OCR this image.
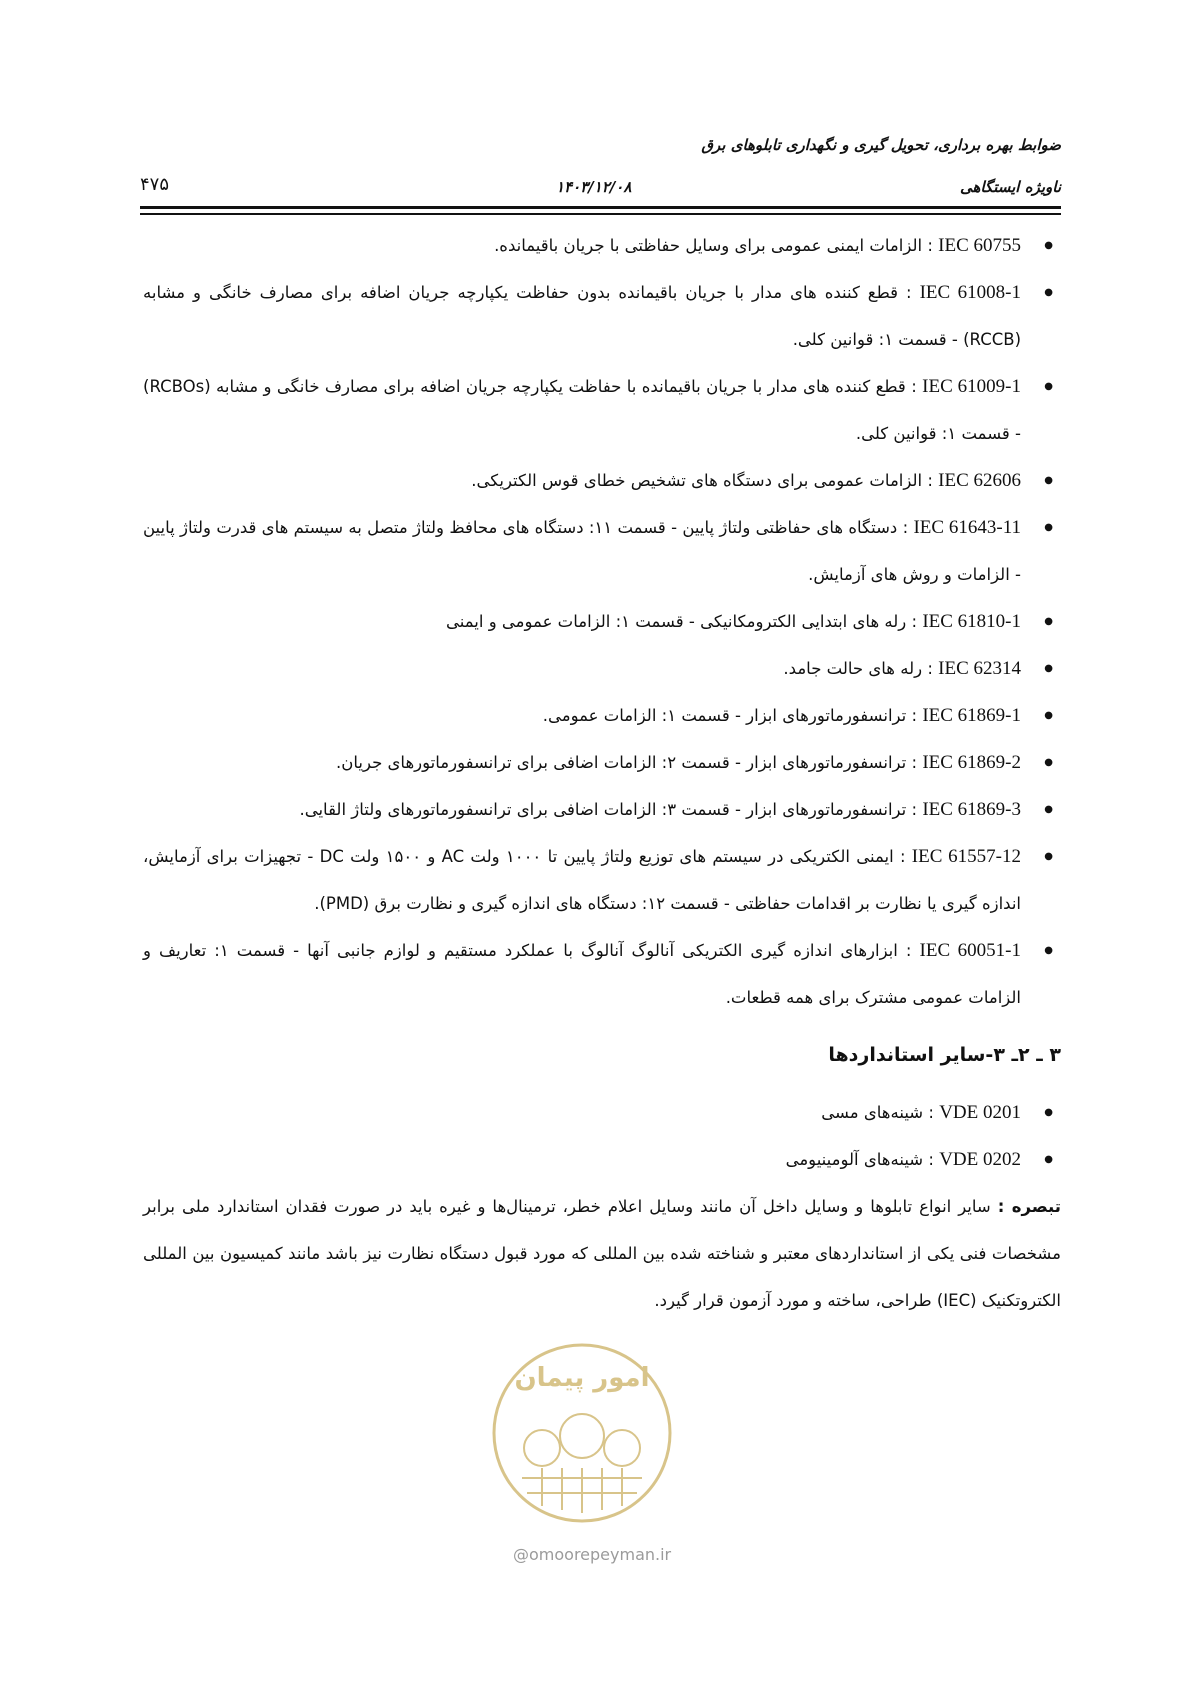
ضوابط بهره برداری، تحویل گیری و نگهداری تابلوهای برق
ناویژه ایستگاهی
۱۴۰۳/۱۲/۰۸
۴۷۵
● IEC 60755 : الزامات ایمنی عمومی برای وسایل حفاظتی با جریان باقیمانده.
● IEC 61008-1 : قطع کننده های مدار با جریان باقیمانده بدون حفاظت یکپارچه جریان اضافه برای مصارف خانگی و مشابه (RCCB) - قسمت ۱: قوانین کلی.
● IEC 61009-1 : قطع کننده های مدار با جریان باقیمانده با حفاظت یکپارچه جریان اضافه برای مصارف خانگی و مشابه (RCBOs) - قسمت ۱: قوانین کلی.
● IEC 62606 : الزامات عمومی برای دستگاه های تشخیص خطای قوس الکتریکی.
● IEC 61643-11 : دستگاه های حفاظتی ولتاژ پایین - قسمت ۱۱: دستگاه های محافظ ولتاژ متصل به سیستم های قدرت ولتاژ پایین - الزامات و روش های آزمایش.
● IEC 61810-1 : رله های ابتدایی الکترومکانیکی - قسمت ۱: الزامات عمومی و ایمنی
● IEC 62314 : رله های حالت جامد.
● IEC 61869-1 : ترانسفورماتورهای ابزار - قسمت ۱: الزامات عمومی.
● IEC 61869-2 : ترانسفورماتورهای ابزار - قسمت ۲: الزامات اضافی برای ترانسفورماتورهای جریان.
● IEC 61869-3 : ترانسفورماتورهای ابزار - قسمت ۳: الزامات اضافی برای ترانسفورماتورهای ولتاژ القایی.
● IEC 61557-12 : ایمنی الکتریکی در سیستم های توزیع ولتاژ پایین تا ۱۰۰۰ ولت AC و ۱۵۰۰ ولت DC - تجهیزات برای آزمایش، اندازه گیری یا نظارت بر اقدامات حفاظتی - قسمت ۱۲: دستگاه های اندازه گیری و نظارت برق (PMD).
● IEC 60051-1 : ابزارهای اندازه گیری الکتریکی آنالوگ آنالوگ با عملکرد مستقیم و لوازم جانبی آنها - قسمت ۱: تعاریف و الزامات عمومی مشترک برای همه قطعات.
۳ ـ ۲ـ ۳-سایر استانداردها
● VDE 0201 : شینه‌های مسی
● VDE 0202 : شینه‌های آلومینیومی

تبصره : سایر انواع تابلوها و وسایل داخل آن مانند وسایل اعلام خطر، ترمینال‌ها و غیره باید در صورت فقدان استاندارد ملی برابر مشخصات فنی یکی از استانداردهای معتبر و شناخته شده بین المللی که مورد قبول دستگاه نظارت نیز باشد مانند کمیسیون بین المللی الکتروتکنیک (IEC) طراحی، ساخته و مورد آزمون قرار گیرد.

امور پیمان
@omoorepeyman.ir
